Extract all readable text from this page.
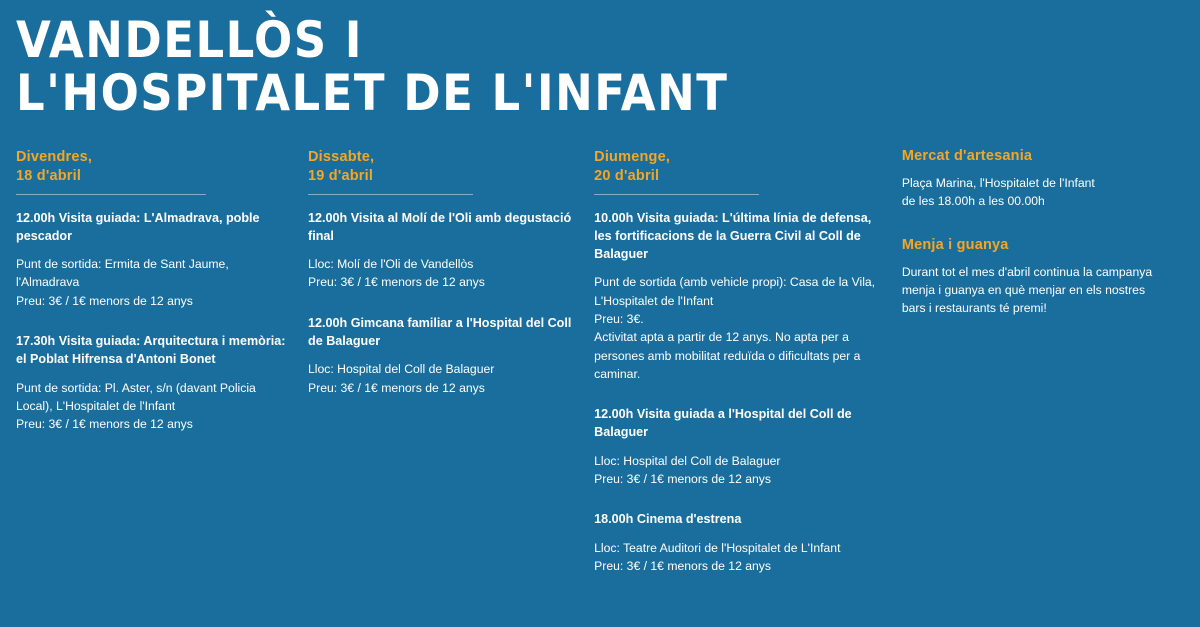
VANDELLÒS I
L'HOSPITALET DE L'INFANT
Divendres,
18 d'abril
12.00h Visita guiada: L'Almadrava, poble pescador
Punt de sortida: Ermita de Sant Jaume, l'Almadrava
Preu: 3€ / 1€ menors de 12 anys
17.30h Visita guiada: Arquitectura i memòria: el Poblat Hifrensa d'Antoni Bonet
Punt de sortida: Pl. Aster, s/n (davant Policia Local), L'Hospitalet de l'Infant
Preu: 3€ / 1€ menors de 12 anys
Dissabte,
19 d'abril
12.00h Visita al Molí de l'Oli amb degustació final
Lloc: Molí de l'Oli de Vandellòs
Preu: 3€ / 1€ menors de 12 anys
12.00h Gimcana familiar a l'Hospital del Coll de Balaguer
Lloc: Hospital del Coll de Balaguer
Preu: 3€ / 1€ menors de 12 anys
Diumenge,
20 d'abril
10.00h Visita guiada: L'última línia de defensa, les fortificacions de la Guerra Civil al Coll de Balaguer
Punt de sortida (amb vehicle propi): Casa de la Vila, L'Hospitalet de l'Infant
Preu: 3€.
Activitat apta a partir de 12 anys. No apta per a persones amb mobilitat reduïda o dificultats per a caminar.
12.00h Visita guiada a l'Hospital del Coll de Balaguer
Lloc: Hospital del Coll de Balaguer
Preu: 3€ / 1€ menors de 12 anys
18.00h Cinema d'estrena
Lloc: Teatre Auditori de l'Hospitalet de L'Infant
Preu: 3€ / 1€ menors de 12 anys
Mercat d'artesania
Plaça Marina, l'Hospitalet de l'Infant
de les 18.00h a les 00.00h
Menja i guanya
Durant tot el mes d'abril continua la campanya menja i guanya en què menjar en els nostres bars i restaurants té premi!
